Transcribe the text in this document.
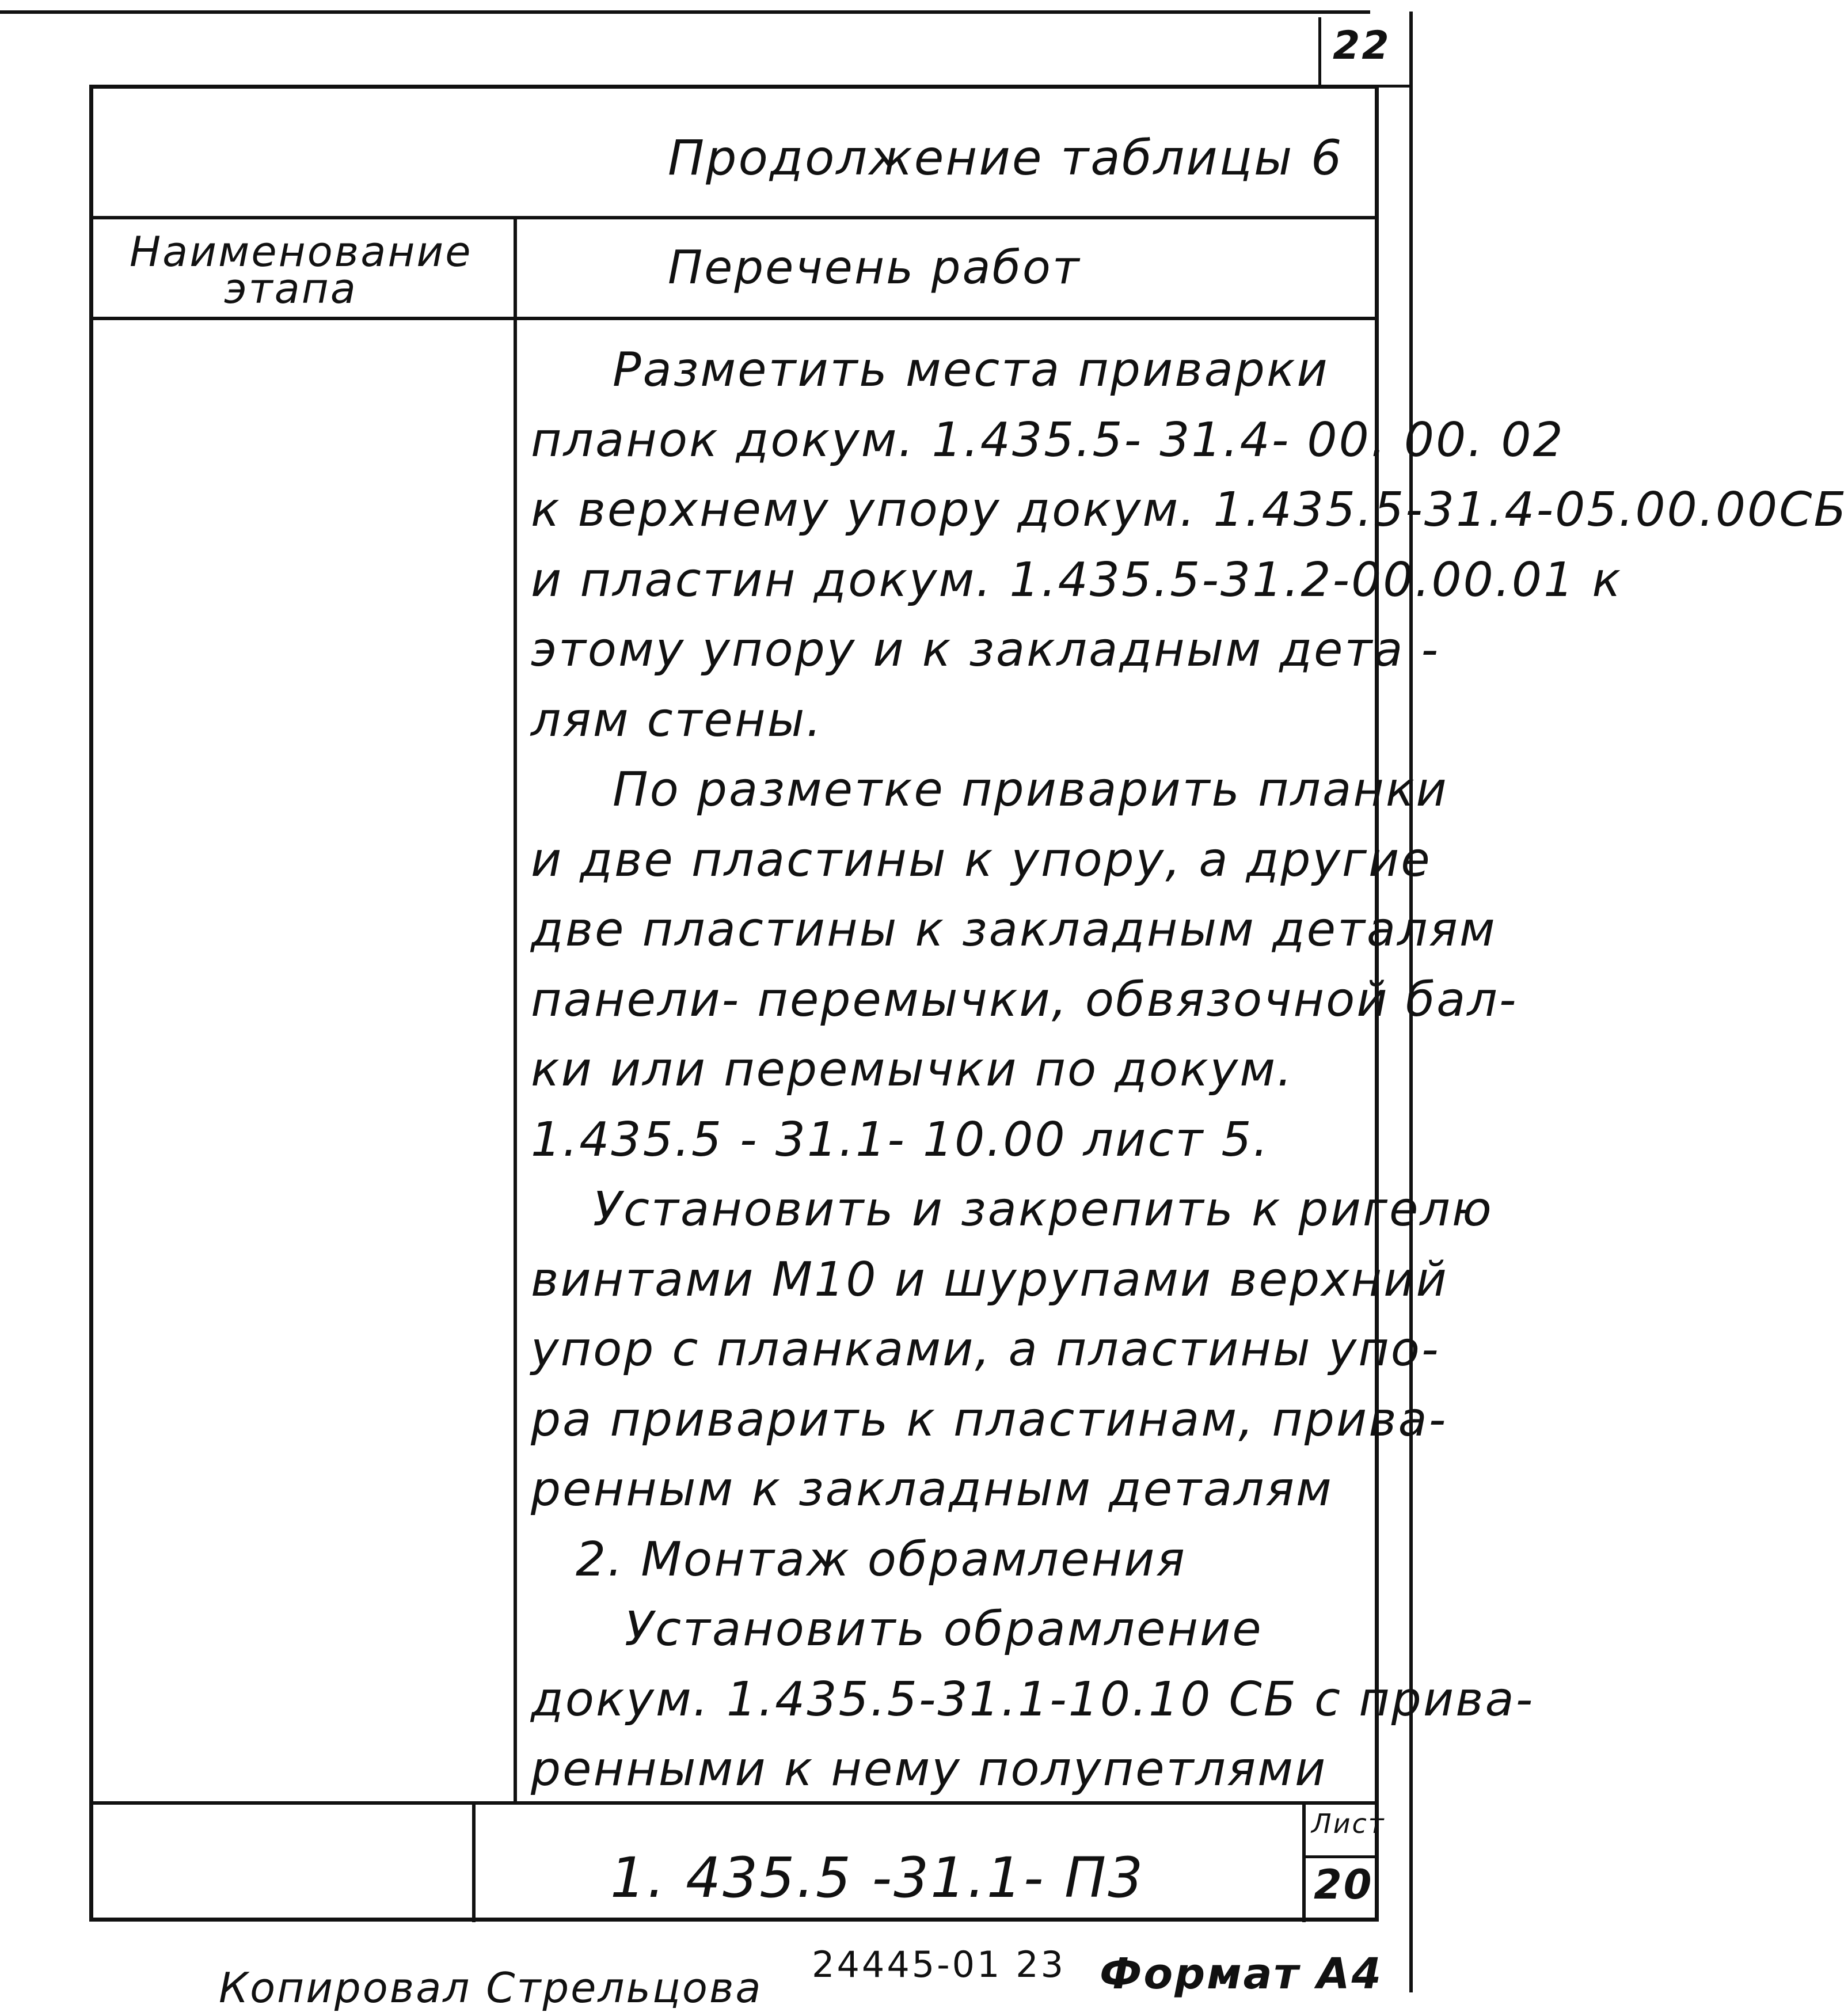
22
Продолжение таблицы 6
Наименование этапа	Перечень работ
Разметить места приварки
планок докум. 1.435.5- 31.4- 00. 00. 02
к верхнему упору докум. 1.435.5-31.4-05.00.00СБ
и пластин докум. 1.435.5-31.2-00.00.01 к
этому упору и к закладным дета -
лям стены.
По разметке приварить планки
и две пластины к упору, а другие
две пластины к закладным деталям
панели- перемычки, обвязочной бал-
ки или перемычки по докум.
1.435.5 - 31.1- 10.00 лист 5.
Установить и закрепить к ригелю
винтами М10 и шурупами верхний
упор с планками, а пластины упо-
ра приварить к пластинам, прива-
ренным к закладным деталям
2. Монтаж обрамления
Установить обрамление
докум. 1.435.5-31.1-10.10 СБ с прива-
ренными к нему полупетлями
1. 435.5 -31.1- П3
Лист
20
Копировал Стрельцова 24445-01 23 Формат А4
